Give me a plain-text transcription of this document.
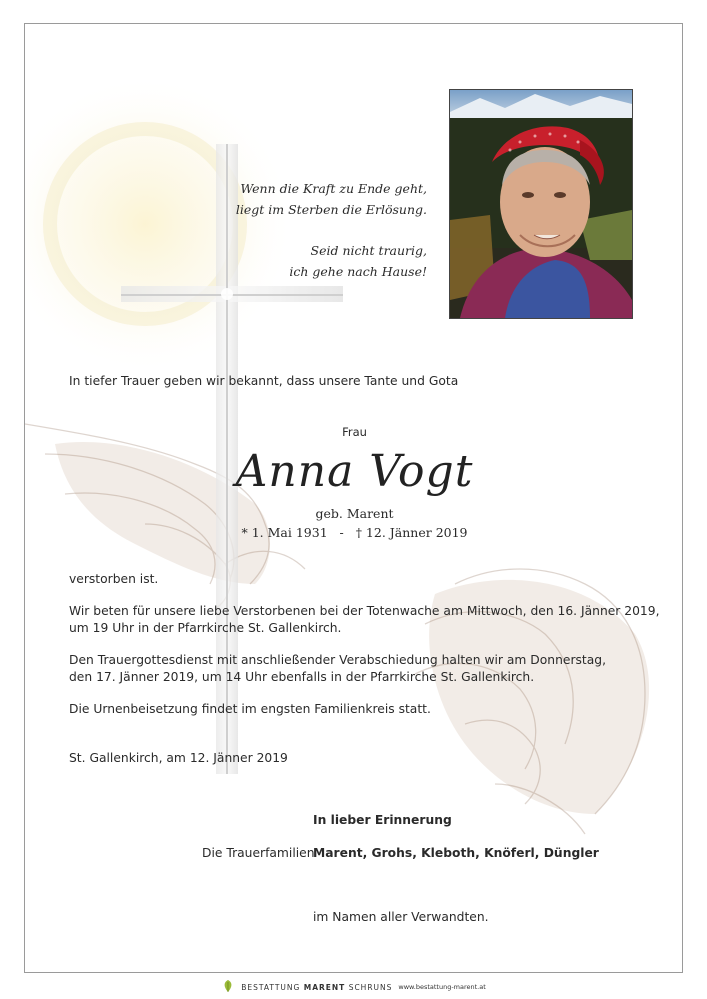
Wenn die Kraft zu Ende geht,
liegt im Sterben die Erlösung.
Seid nicht traurig,
ich gehe nach Hause!
In tiefer Trauer geben wir bekannt, dass unsere Tante und Gota
Frau
Anna Vogt
geb. Marent
* 1. Mai 1931   -   † 12. Jänner 2019
verstorben ist.
Wir beten für unsere liebe Verstorbenen bei der Totenwache am Mittwoch, den 16. Jänner 2019,
um 19 Uhr in der Pfarrkirche St. Gallenkirch.
Den Trauergottesdienst mit anschließender Verabschiedung halten wir am Donnerstag,
den 17. Jänner 2019, um 14 Uhr ebenfalls in der Pfarrkirche St. Gallenkirch.
Die Urnenbeisetzung findet im engsten Familienkreis statt.
St. Gallenkirch, am 12. Jänner 2019
In lieber Erinnerung
Die Trauerfamilien
Marent, Grohs, Kleboth, Knöferl, Düngler
im Namen aller Verwandten.
BESTATTUNG MARENT SCHRUNS www.bestattung-marent.at
